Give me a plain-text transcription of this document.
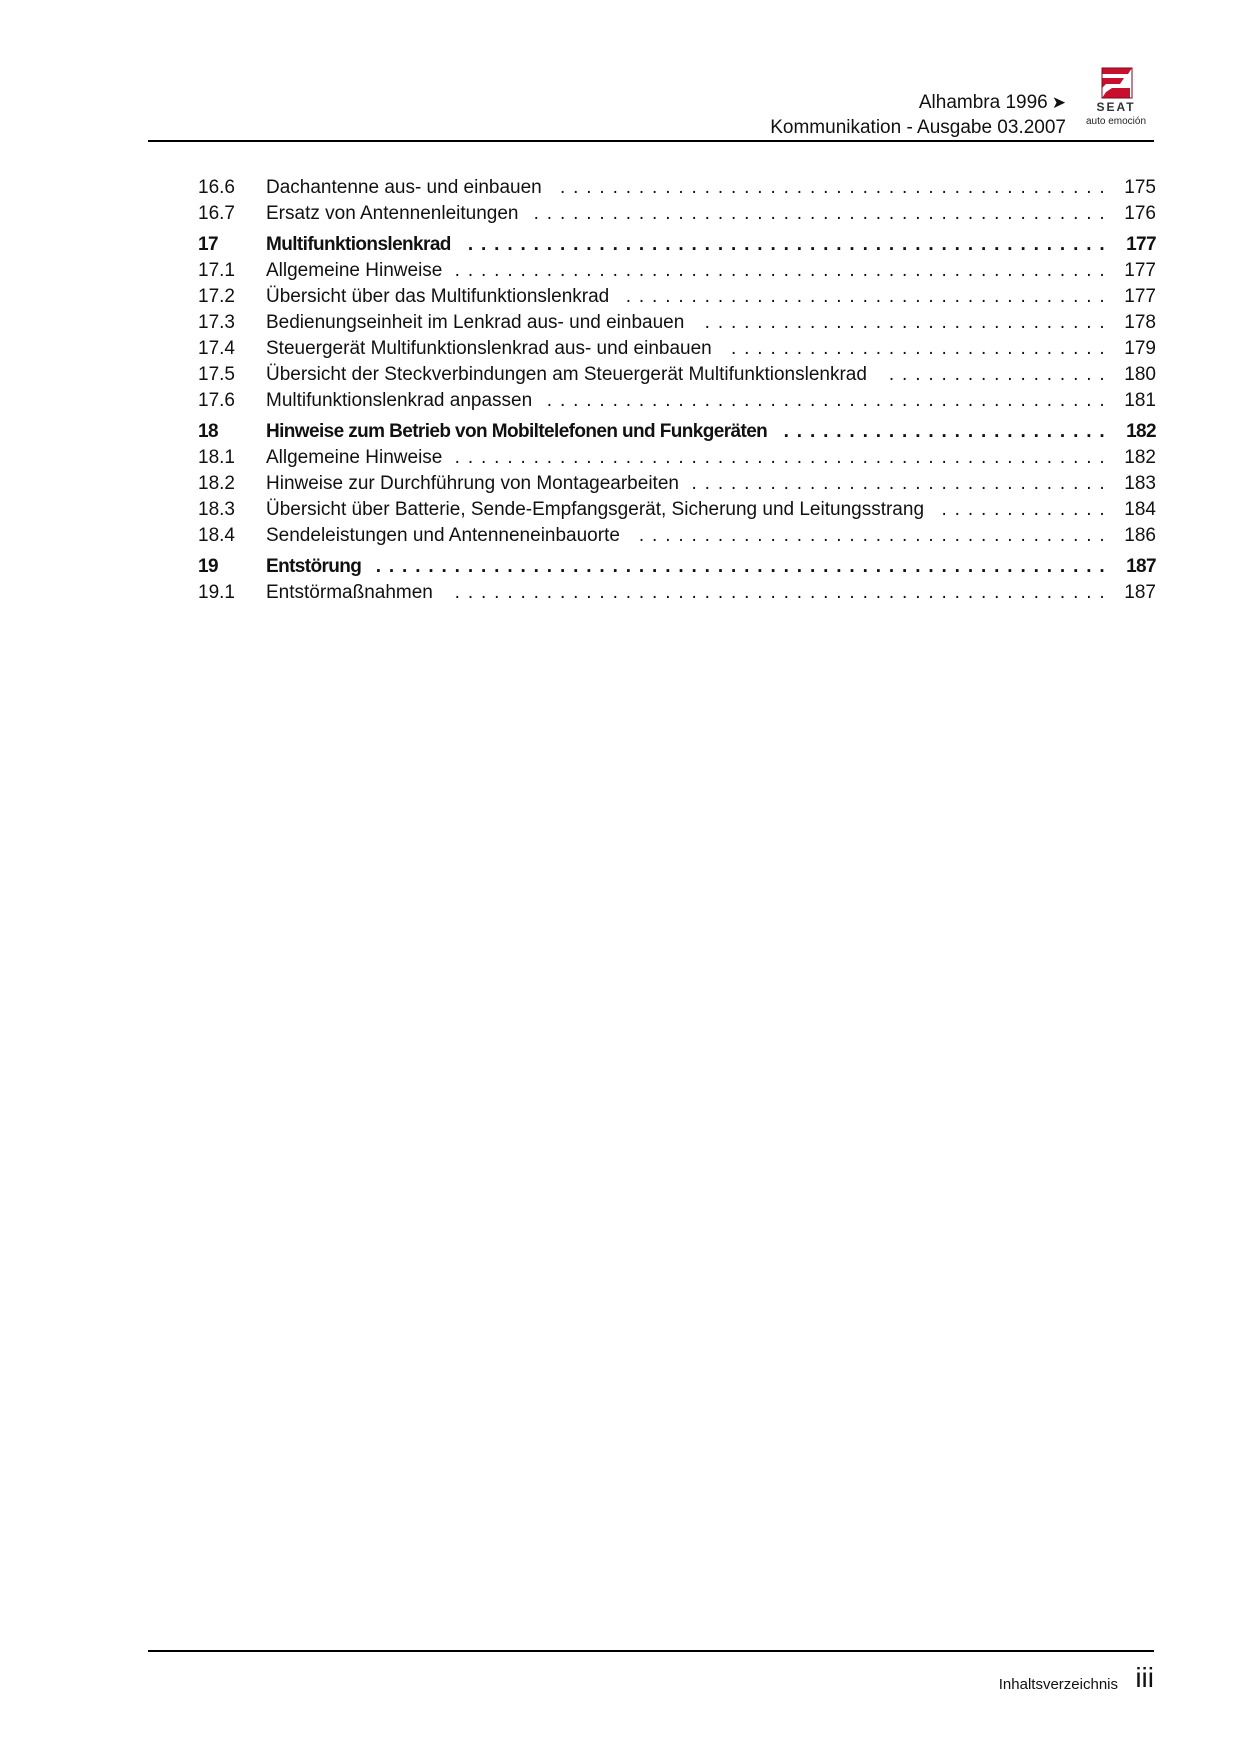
Alhambra 1996 ➤
Kommunikation - Ausgabe 03.2007
SEAT
auto emoción
16.6 Dachantenne aus- und einbauen . . .	175
16.7 Ersatz von Antennenleitungen . . .	176
17	Multifunktionslenkrad . . .	177
17.1 Allgemeine Hinweise . . .	177
17.2 Übersicht über das Multifunktionslenkrad . . .	177
17.3 Bedienungseinheit im Lenkrad aus- und einbauen . . .	178
17.4 Steuergerät Multifunktionslenkrad aus- und einbauen . . .	179
17.5 Übersicht der Steckverbindungen am Steuergerät Multifunktionslenkrad . . .	180
17.6 Multifunktionslenkrad anpassen . . .	181
18	Hinweise zum Betrieb von Mobiltelefonen und Funkgeräten . . .	182
18.1 Allgemeine Hinweise . . .	182
18.2 Hinweise zur Durchführung von Montagearbeiten . . .	183
18.3 Übersicht über Batterie, Sende-Empfangsgerät, Sicherung und Leitungsstrang . . .	184
18.4 Sendeleistungen und Antenneneinbauorte . . .	186
19	Entstörung . . .	187
19.1 Entstörmaßnahmen . . .	187
Inhaltsverzeichnis iii
